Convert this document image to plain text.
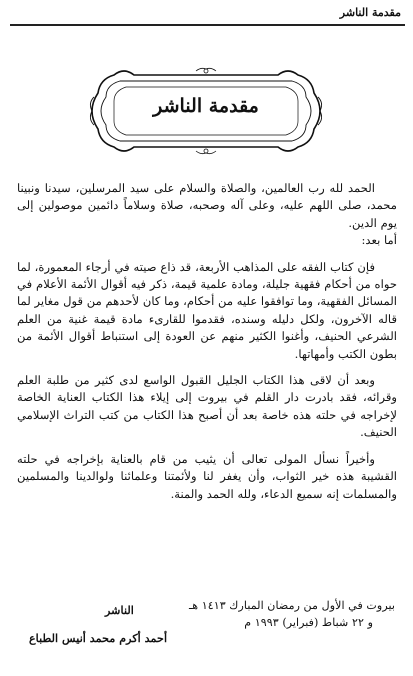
مقدمة الناشر
مقدمة الناشر

الحمد لله رب العالمين، والصلاة والسلام على سيد المرسلين، سيدنا ونبينا محمد، صلى اللهم عليه، وعلى آله وصحبه، صلاة وسلاماً دائمين موصولين إلى يوم الدين.

أما بعد:

فإن كتاب الفقه على المذاهب الأربعة، قد ذاع صيته في أرجاء المعمورة، لما حواه من أحكام فقهية جليلة، ومادة علمية قيمة، ذكر فيه أقوال الأئمة الأعلام في المسائل الفقهية، وما توافقوا عليه من أحكام، وما كان لأحدهم من قول مغاير لما قاله الآخرون، ولكل دليله وسنده، فقدموا للقارىء مادة قيمة غنية من العلم الشرعي الحنيف، وأغنوا الكثير منهم عن العودة إلى استنباط أقوال الأئمة من بطون الكتب وأمهاتها.

وبعد أن لاقى هذا الكتاب الجليل القبول الواسع لدى كثير من طلبة العلم وقرائه، فقد بادرت دار القلم في بيروت إلى إيلاء هذا الكتاب العناية الخاصة لإخراجه في حلته هذه خاصة بعد أن أصبح هذا الكتاب من كتب التراث الإسلامي الحنيف.

وأخيراً نسأل المولى تعالى أن يثيب من قام بالعناية بإخراجه في حلته القشيبة هذه خير الثواب، وأن يغفر لنا ولأئمتنا وعلمائنا ولوالدينا والمسلمين والمسلمات إنه سميع الدعاء، ولله الحمد والمنة.

بيروت في الأول من رمضان المبارك ١٤١٣ هـ
و ٢٢ شباط (فبراير) ١٩٩٣ م
الناشر
أحمد أكرم محمد أنيس الطباع
